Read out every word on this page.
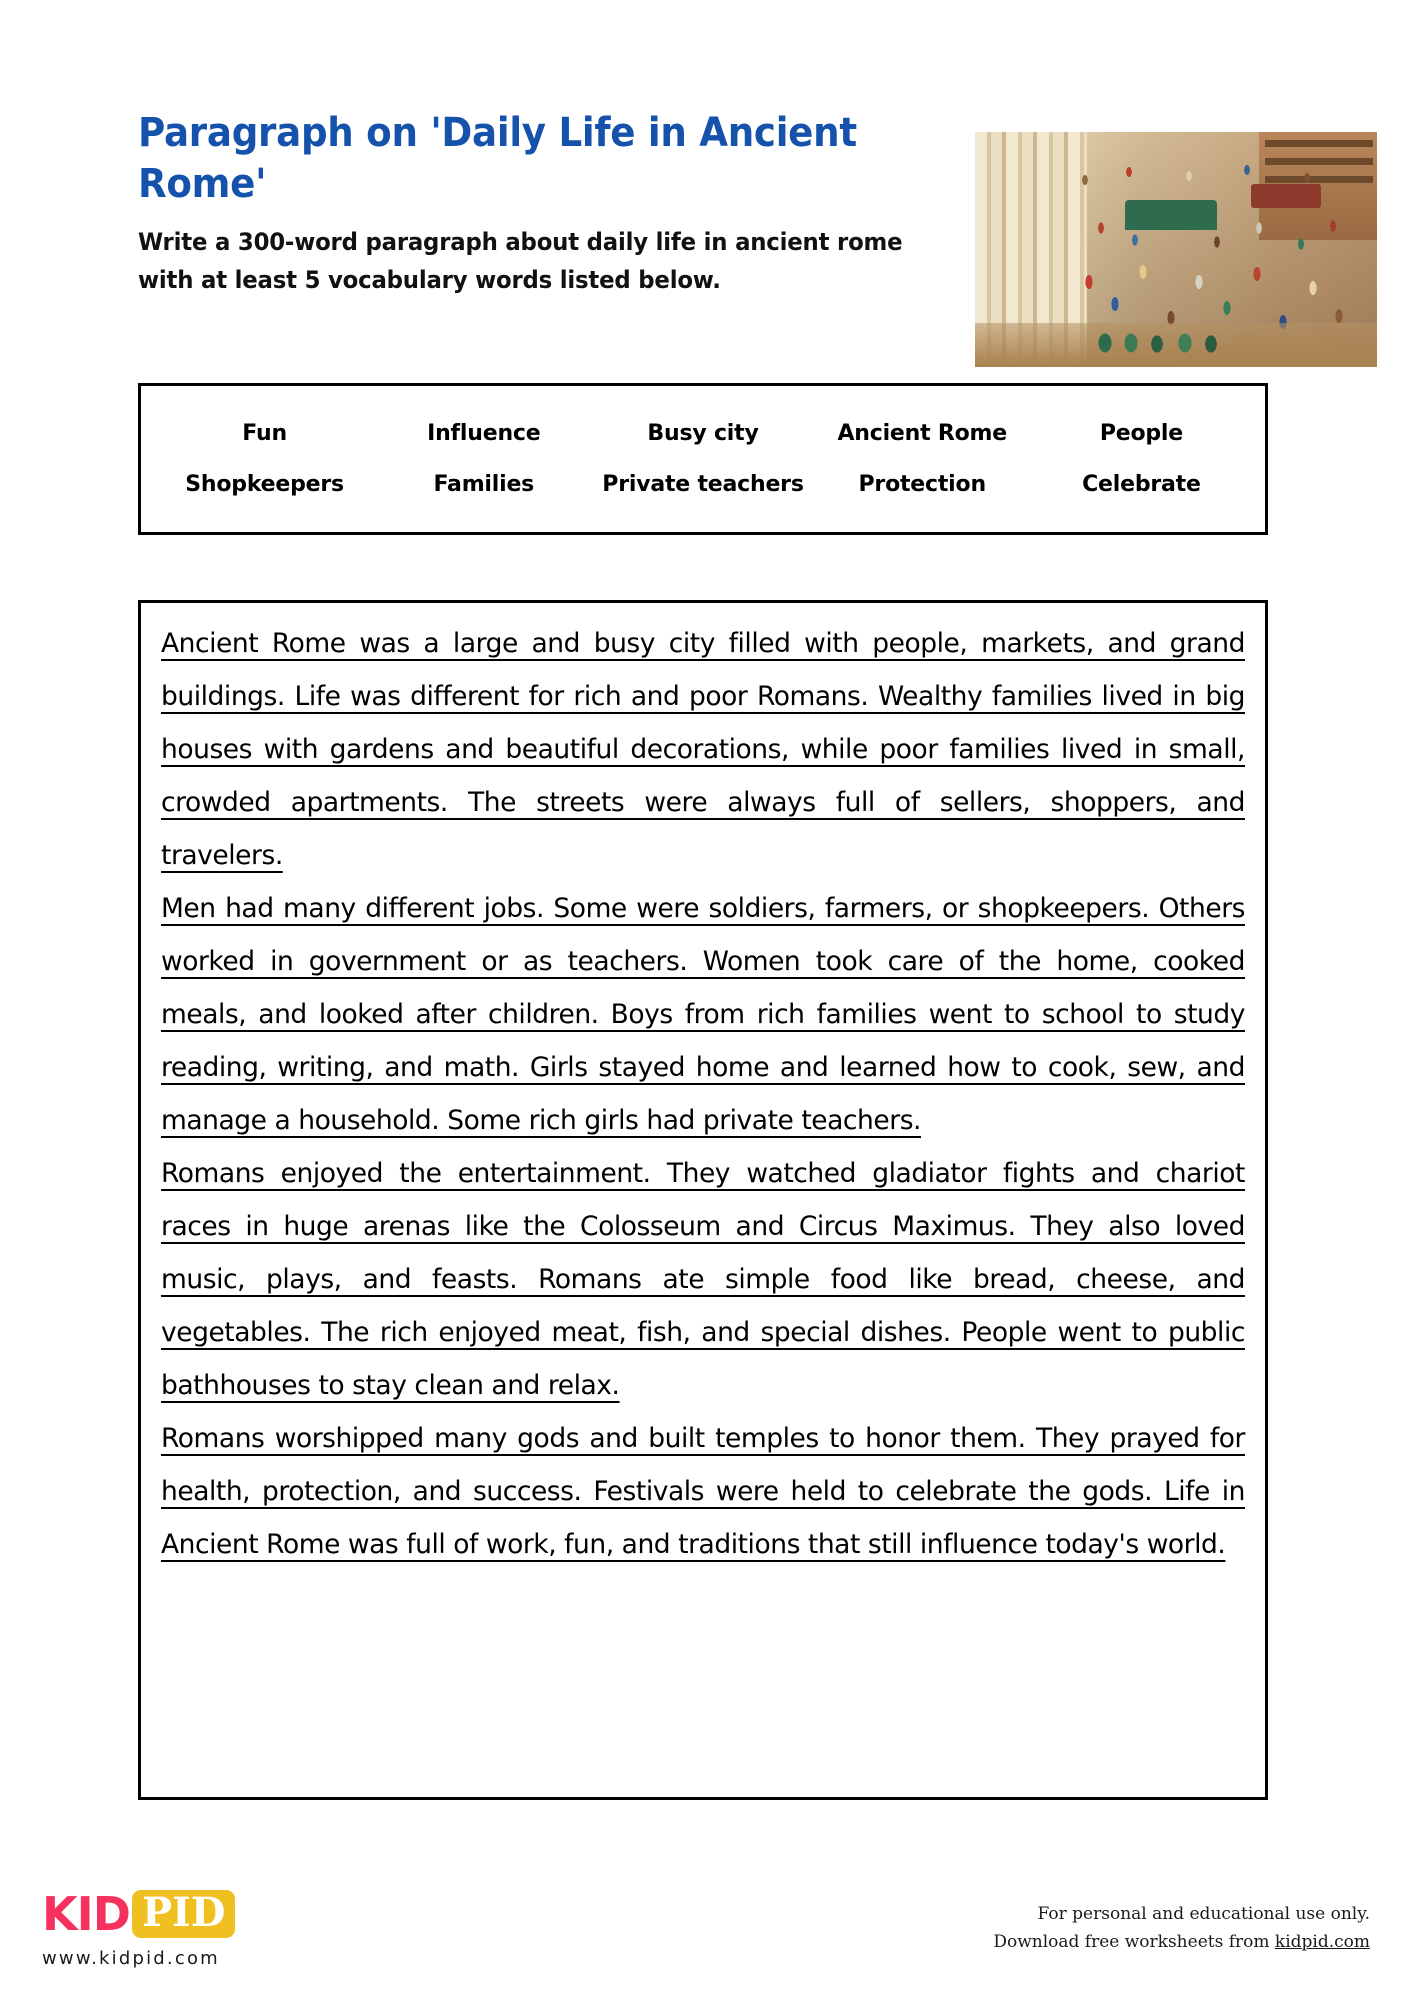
Paragraph on 'Daily Life in Ancient Rome'
Write a 300-word paragraph about daily life in ancient rome with at least 5 vocabulary words listed below.
Fun	Influence	Busy city	Ancient Rome	People
Shopkeepers	Families	Private teachers	Protection	Celebrate

Ancient Rome was a large and busy city filled with people, markets, and grand buildings. Life was different for rich and poor Romans. Wealthy families lived in big houses with gardens and beautiful decorations, while poor families lived in small, crowded apartments. The streets were always full of sellers, shoppers, and travelers.

Men had many different jobs. Some were soldiers, farmers, or shopkeepers. Others worked in government or as teachers. Women took care of the home, cooked meals, and looked after children. Boys from rich families went to school to study reading, writing, and math. Girls stayed home and learned how to cook, sew, and manage a household. Some rich girls had private teachers.

Romans enjoyed the entertainment. They watched gladiator fights and chariot races in huge arenas like the Colosseum and Circus Maximus. They also loved music, plays, and feasts. Romans ate simple food like bread, cheese, and vegetables. The rich enjoyed meat, fish, and special dishes. People went to public bathhouses to stay clean and relax.

Romans worshipped many gods and built temples to honor them. They prayed for health, protection, and success. Festivals were held to celebrate the gods. Life in Ancient Rome was full of work, fun, and traditions that still influence today's world.

KID PID
www.kidpid.com
For personal and educational use only.
Download free worksheets from kidpid.com
